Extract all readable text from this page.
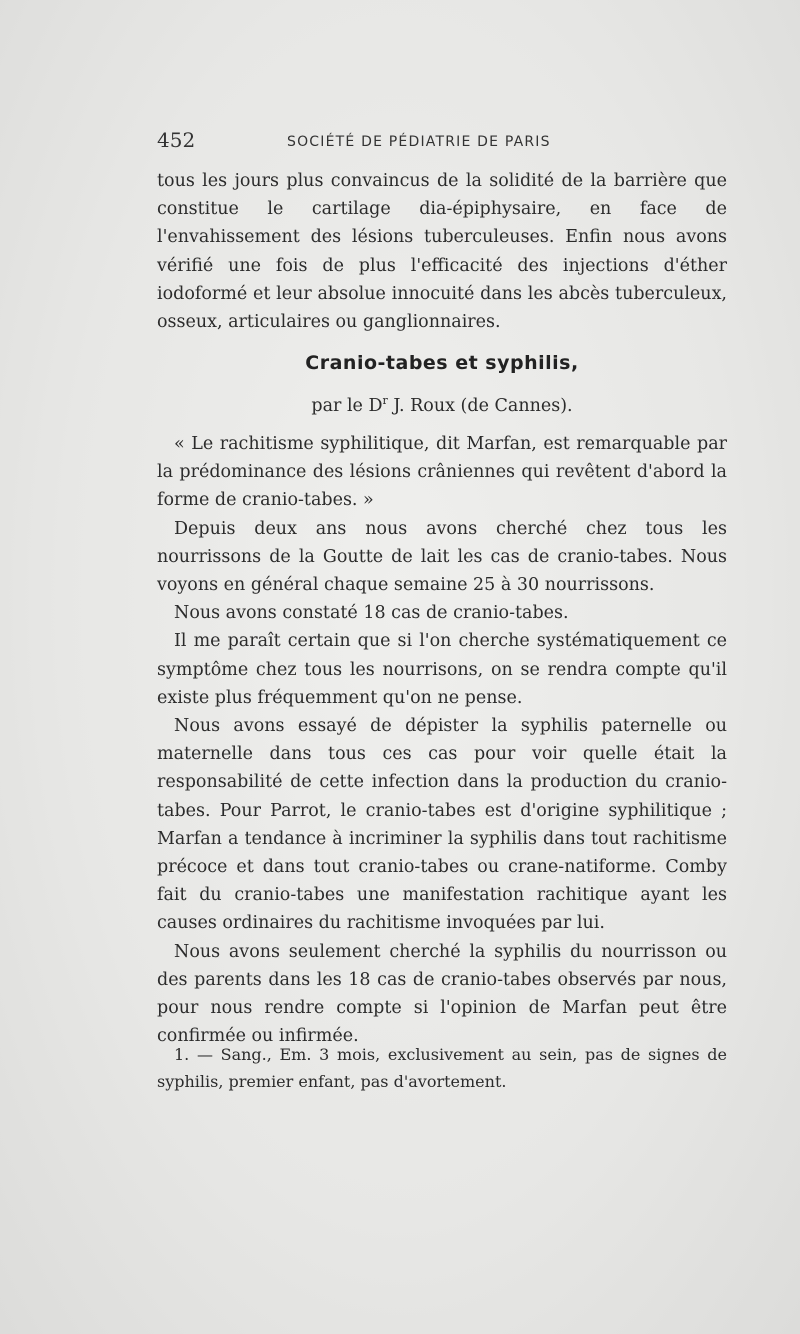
452	SOCIÉTÉ DE PÉDIATRIE DE PARIS
tous les jours plus convaincus de la solidité de la barrière que constitue le cartilage dia-épiphysaire, en face de l'envahissement des lésions tuberculeuses. Enfin nous avons vérifié une fois de plus l'efficacité des injections d'éther iodoformé et leur absolue innocuité dans les abcès tuberculeux, osseux, articulaires ou ganglionnaires.
Cranio-tabes et syphilis,
par le $D^r$ J. Roux (de Cannes).

« Le rachitisme syphilitique, dit Marfan, est remarquable par la prédominance des lésions crâniennes qui revêtent d'abord la forme de cranio-tabes. »

Depuis deux ans nous avons cherché chez tous les nourrissons de la Goutte de lait les cas de cranio-tabes. Nous voyons en général chaque semaine 25 à 30 nourrissons.

Nous avons constaté 18 cas de cranio-tabes.

Il me paraît certain que si l'on cherche systématiquement ce symptôme chez tous les nourrisons, on se rendra compte qu'il existe plus fréquemment qu'on ne pense.

Nous avons essayé de dépister la syphilis paternelle ou maternelle dans tous ces cas pour voir quelle était la responsabilité de cette infection dans la production du cranio-tabes. Pour Parrot, le cranio-tabes est d'origine syphilitique ; Marfan a tendance à incriminer la syphilis dans tout rachitisme précoce et dans tout cranio-tabes ou crane-natiforme. Comby fait du cranio-tabes une manifestation rachitique ayant les causes ordinaires du rachitisme invoquées par lui.

Nous avons seulement cherché la syphilis du nourrisson ou des parents dans les 18 cas de cranio-tabes observés par nous, pour nous rendre compte si l'opinion de Marfan peut être confirmée ou infirmée.

1. — Sang., Em. 3 mois, exclusivement au sein, pas de signes de syphilis, premier enfant, pas d'avortement.
